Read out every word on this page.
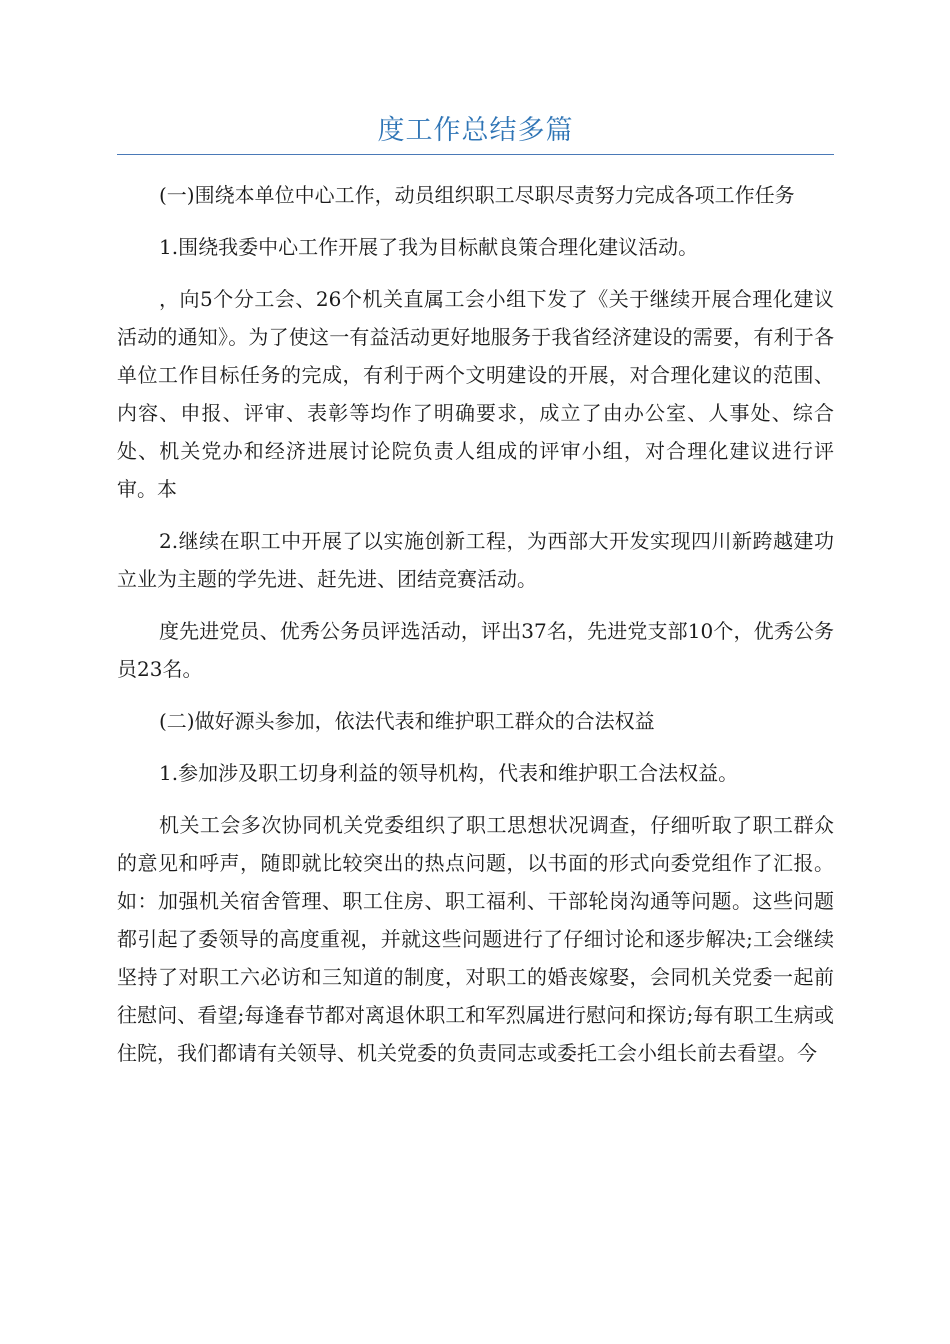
度工作总结多篇

(一)围绕本单位中心工作，动员组织职工尽职尽责努力完成各项工作任务

1.围绕我委中心工作开展了我为目标献良策合理化建议活动。

，向5个分工会、26个机关直属工会小组下发了《关于继续开展合理化建议活动的通知》。为了使这一有益活动更好地服务于我省经济建设的需要，有利于各单位工作目标任务的完成，有利于两个文明建设的开展，对合理化建议的范围、内容、申报、评审、表彰等均作了明确要求，成立了由办公室、人事处、综合处、机关党办和经济进展讨论院负责人组成的评审小组，对合理化建议进行评审。本

2.继续在职工中开展了以实施创新工程，为西部大开发实现四川新跨越建功立业为主题的学先进、赶先进、团结竞赛活动。

度先进党员、优秀公务员评选活动，评出37名，先进党支部10个，优秀公务员23名。

(二)做好源头参加，依法代表和维护职工群众的合法权益

1.参加涉及职工切身利益的领导机构，代表和维护职工合法权益。

机关工会多次协同机关党委组织了职工思想状况调查，仔细听取了职工群众的意见和呼声，随即就比较突出的热点问题，以书面的形式向委党组作了汇报。如：加强机关宿舍管理、职工住房、职工福利、干部轮岗沟通等问题。这些问题都引起了委领导的高度重视，并就这些问题进行了仔细讨论和逐步解决;工会继续坚持了对职工六必访和三知道的制度，对职工的婚丧嫁娶，会同机关党委一起前往慰问、看望;每逢春节都对离退休职工和军烈属进行慰问和探访;每有职工生病或住院，我们都请有关领导、机关党委的负责同志或委托工会小组长前去看望。今
